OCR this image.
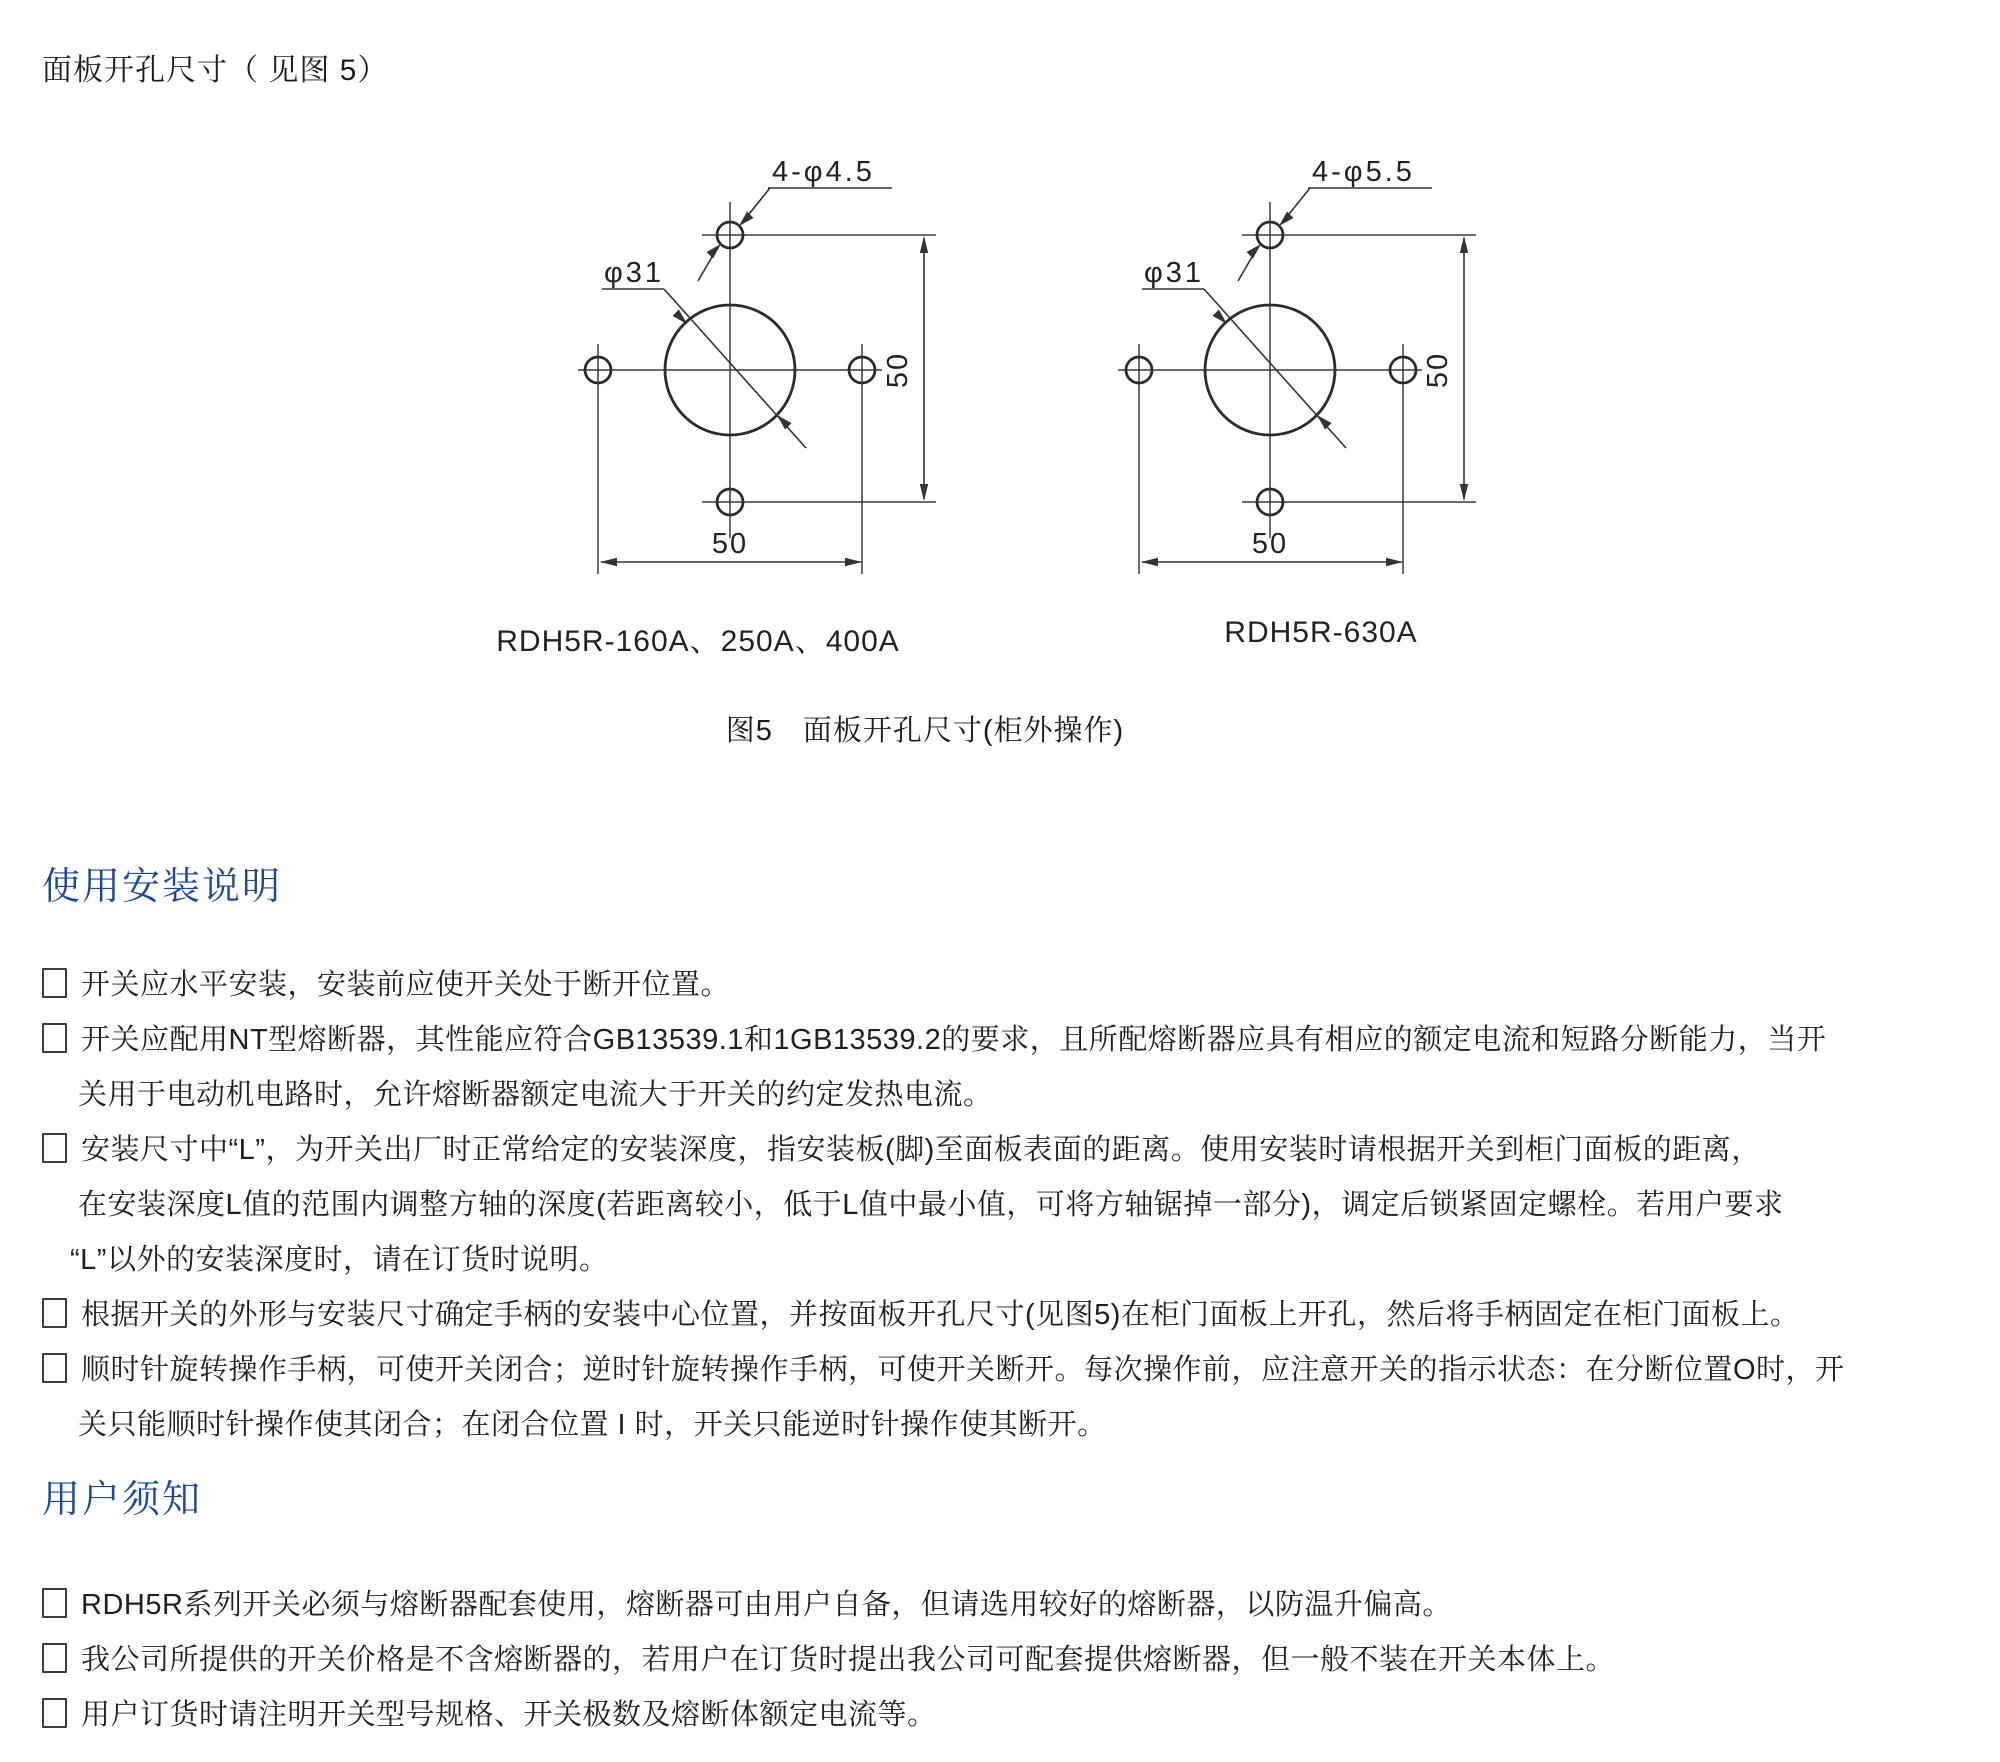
面板开孔尺寸（ 见图 5）
4-φ4.5
φ31
50
50
4-φ5.5
φ31
50
50
RDH5R-160A、250A、400A	RDH5R-630A
图5　面板开孔尺寸(柜外操作)
使用安装说明
开关应水平安装，安装前应使开关处于断开位置。
开关应配用NT型熔断器，其性能应符合GB13539.1和1GB13539.2的要求，且所配熔断器应具有相应的额定电流和短路分断能力，当开
关用于电动机电路时，允许熔断器额定电流大于开关的约定发热电流。
安装尺寸中“L”，为开关出厂时正常给定的安装深度，指安装板(脚)至面板表面的距离。使用安装时请根据开关到柜门面板的距离，
在安装深度L值的范围内调整方轴的深度(若距离较小，低于L值中最小值，可将方轴锯掉一部分)，调定后锁紧固定螺栓。若用户要求
“L”以外的安装深度时，请在订货时说明。
根据开关的外形与安装尺寸确定手柄的安装中心位置，并按面板开孔尺寸(见图5)在柜门面板上开孔，然后将手柄固定在柜门面板上。
顺时针旋转操作手柄，可使开关闭合；逆时针旋转操作手柄，可使开关断开。每次操作前，应注意开关的指示状态：在分断位置O时，开
关只能顺时针操作使其闭合；在闭合位置 I 时，开关只能逆时针操作使其断开。
用户须知
RDH5R系列开关必须与熔断器配套使用，熔断器可由用户自备，但请选用较好的熔断器，以防温升偏高。
我公司所提供的开关价格是不含熔断器的，若用户在订货时提出我公司可配套提供熔断器，但一般不装在开关本体上。
用户订货时请注明开关型号规格、开关极数及熔断体额定电流等。
